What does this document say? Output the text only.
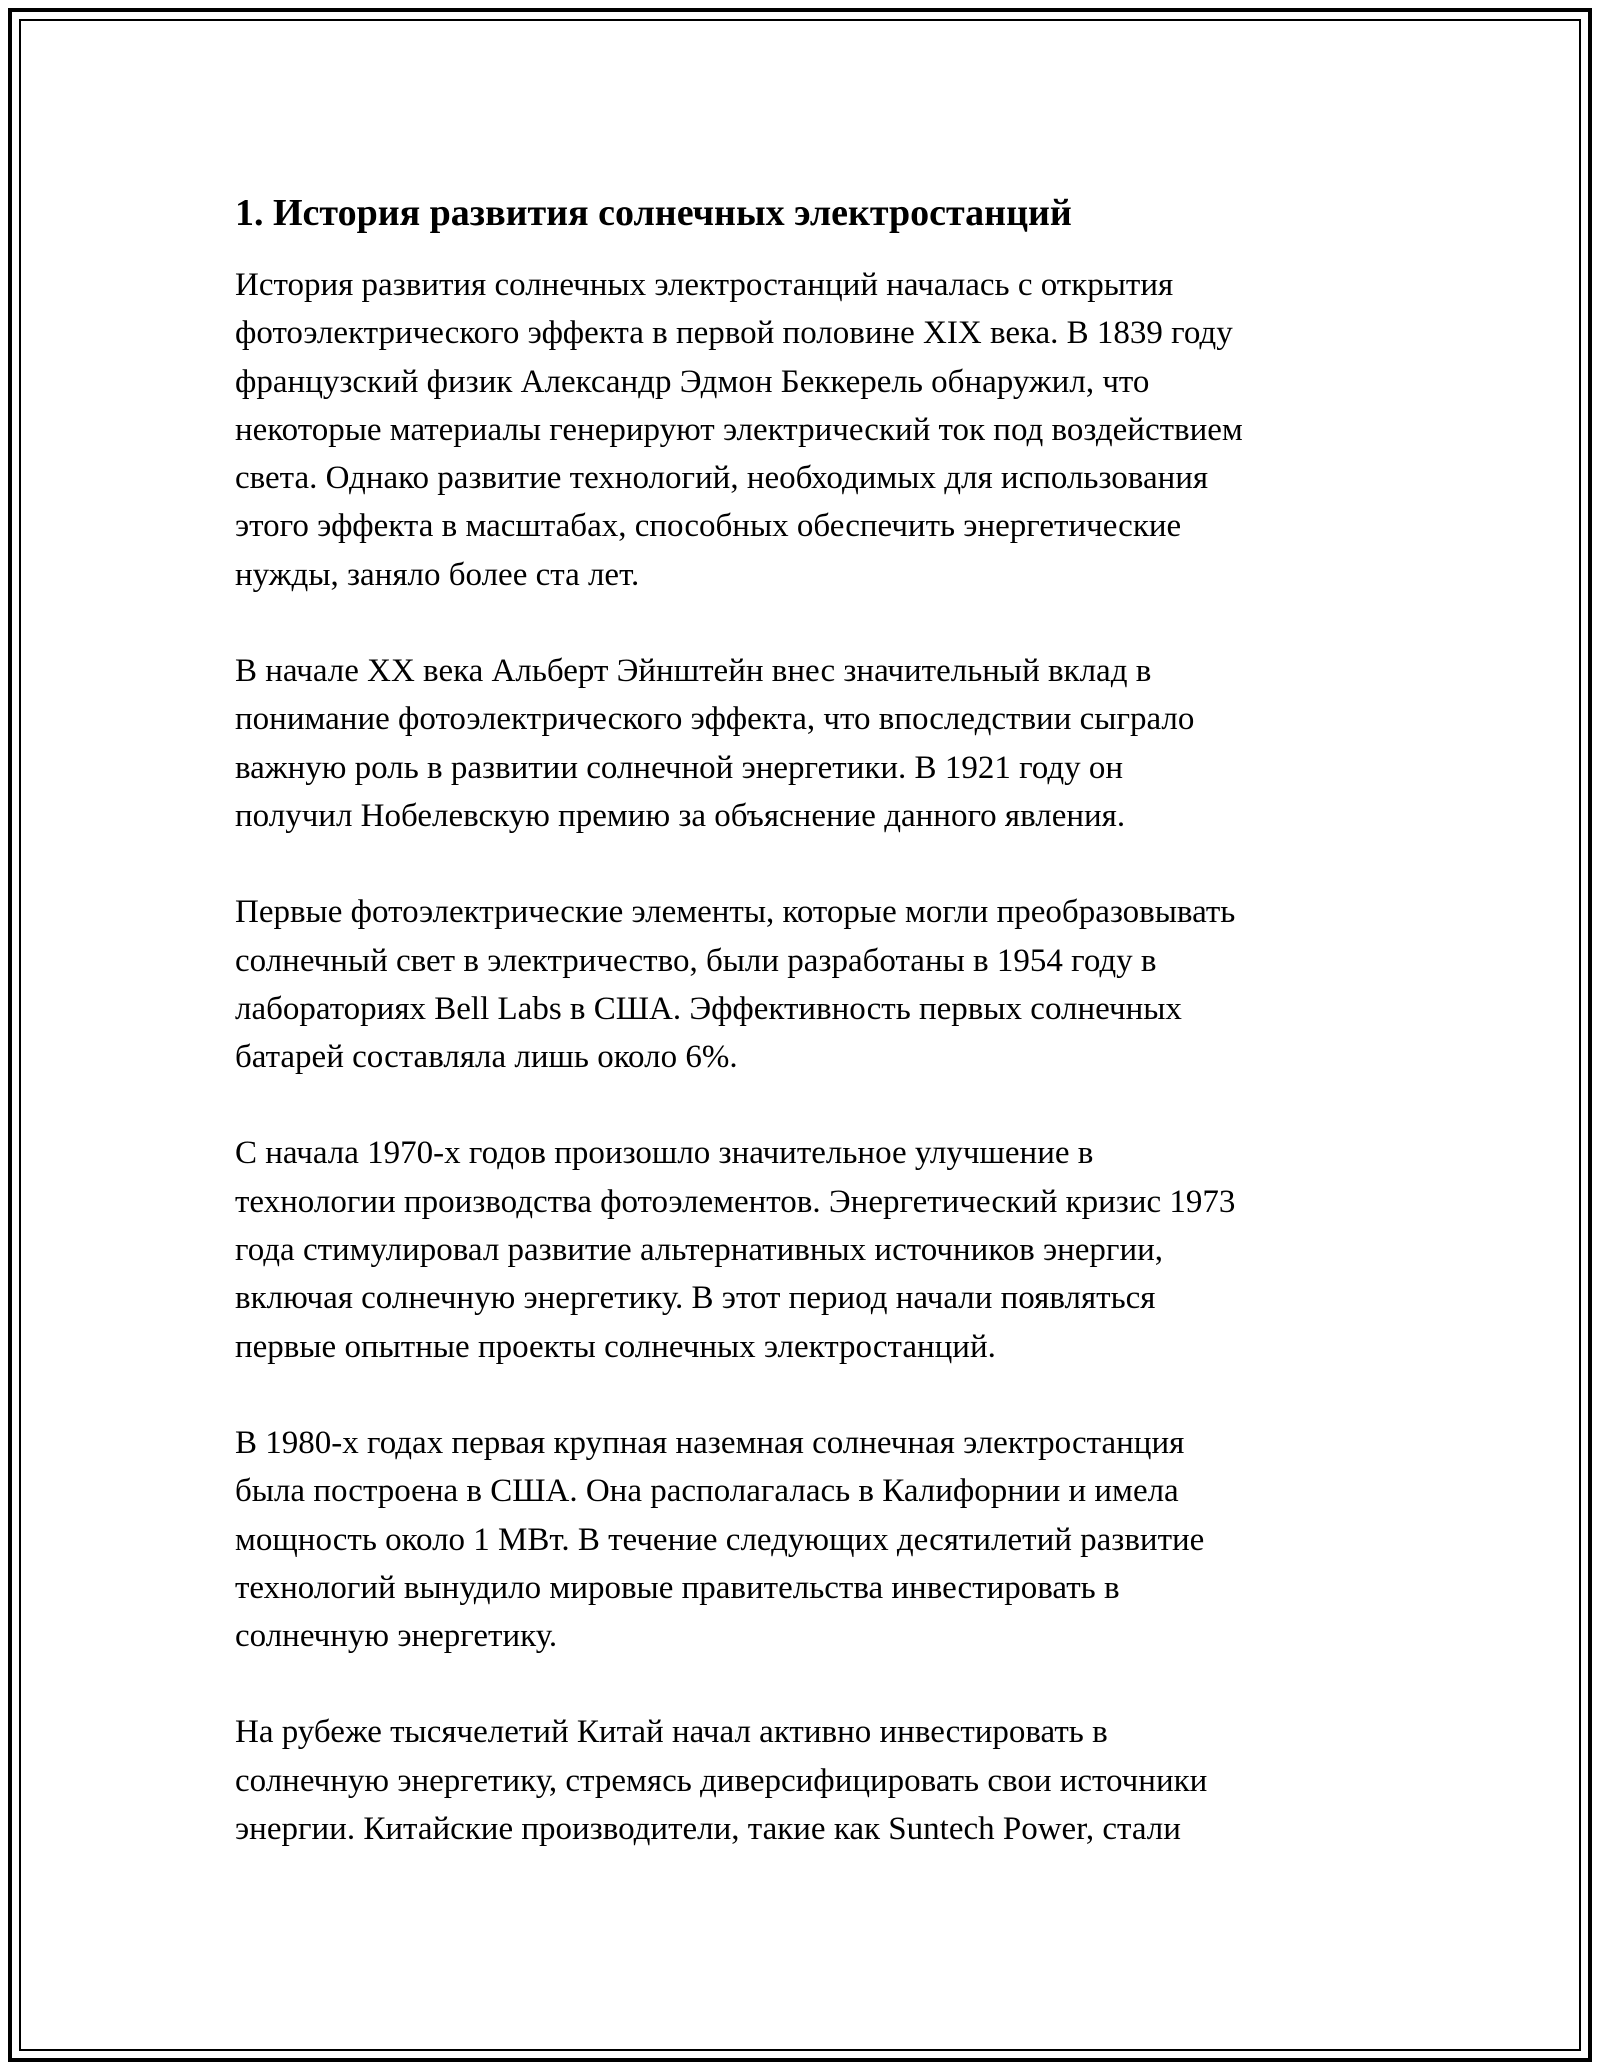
1. История развития солнечных электростанций

История развития солнечных электростанций началась с открытия
фотоэлектрического эффекта в первой половине XIX века. В 1839 году
французский физик Александр Эдмон Беккерель обнаружил, что
некоторые материалы генерируют электрический ток под воздействием
света. Однако развитие технологий, необходимых для использования
этого эффекта в масштабах, способных обеспечить энергетические
нужды, заняло более ста лет.

В начале XX века Альберт Эйнштейн внес значительный вклад в
понимание фотоэлектрического эффекта, что впоследствии сыграло
важную роль в развитии солнечной энергетики. В 1921 году он
получил Нобелевскую премию за объяснение данного явления.

Первые фотоэлектрические элементы, которые могли преобразовывать
солнечный свет в электричество, были разработаны в 1954 году в
лабораториях Bell Labs в США. Эффективность первых солнечных
батарей составляла лишь около 6%.

С начала 1970-х годов произошло значительное улучшение в
технологии производства фотоэлементов. Энергетический кризис 1973
года стимулировал развитие альтернативных источников энергии,
включая солнечную энергетику. В этот период начали появляться
первые опытные проекты солнечных электростанций.

В 1980-х годах первая крупная наземная солнечная электростанция
была построена в США. Она располагалась в Калифорнии и имела
мощность около 1 МВт. В течение следующих десятилетий развитие
технологий вынудило мировые правительства инвестировать в
солнечную энергетику.

На рубеже тысячелетий Китай начал активно инвестировать в
солнечную энергетику, стремясь диверсифицировать свои источники
энергии. Китайские производители, такие как Suntech Power, стали
